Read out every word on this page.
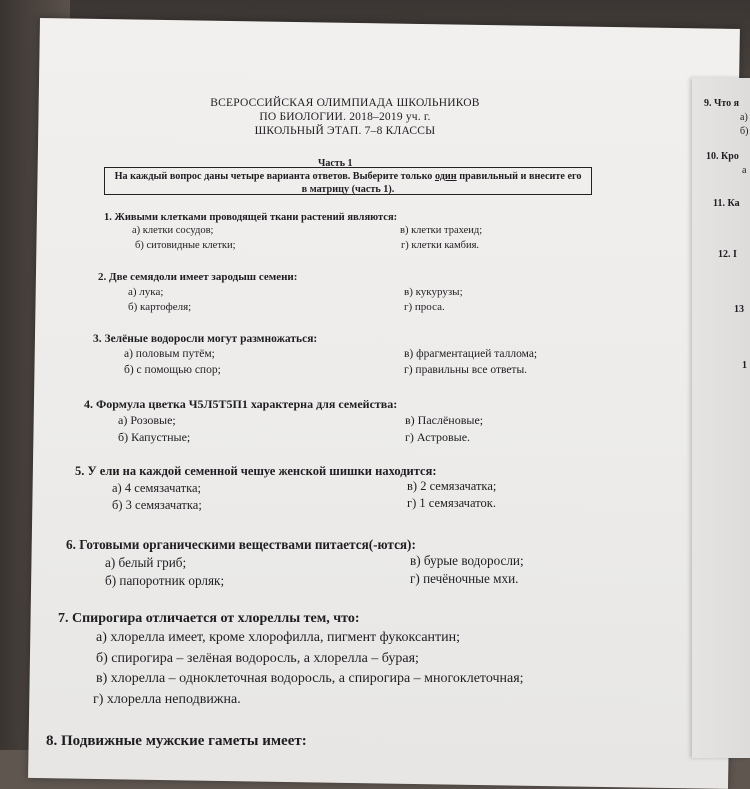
ВСЕРОССИЙСКАЯ ОЛИМПИАДА ШКОЛЬНИКОВ
ПО БИОЛОГИИ. 2018–2019 уч. г.
ШКОЛЬНЫЙ ЭТАП. 7–8 КЛАССЫ
Часть 1
На каждый вопрос даны четыре варианта ответов. Выберите только один правильный и внесите его в матрицу (часть 1).
1. Живыми клетками проводящей ткани растений являются:
а) клетки сосудов;
б) ситовидные клетки;
в) клетки трахеид;
г) клетки камбия.
2. Две семядоли имеет зародыш семени:
а) лука;
б) картофеля;
в) кукурузы;
г) проса.
3. Зелёные водоросли могут размножаться:
а) половым путём;
б) с помощью спор;
в) фрагментацией таллома;
г) правильны все ответы.
4. Формула цветка Ч5Л5Т5П1 характерна для семейства:
а) Розовые;
б) Капустные;
в) Паслёновые;
г) Астровые.
5. У ели на каждой семенной чешуе женской шишки находится:
а) 4 семязачатка;
б) 3 семязачатка;
в) 2 семязачатка;
г) 1 семязачаток.
6. Готовыми органическими веществами питается(-ются):
а) белый гриб;
б) папоротник орляк;
в) бурые водоросли;
г) печёночные мхи.
7. Спирогира отличается от хлореллы тем, что:
а) хлорелла имеет, кроме хлорофилла, пигмент фукоксантин;
б) спирогира – зелёная водоросль, а хлорелла – бурая;
в) хлорелла – одноклеточная водоросль, а спирогира – многоклеточная;
г) хлорелла неподвижна.
8. Подвижные мужские гаметы имеет:
9. Что я
а)
б)
10. Кро
а
11. Ка
12. I
13
1
